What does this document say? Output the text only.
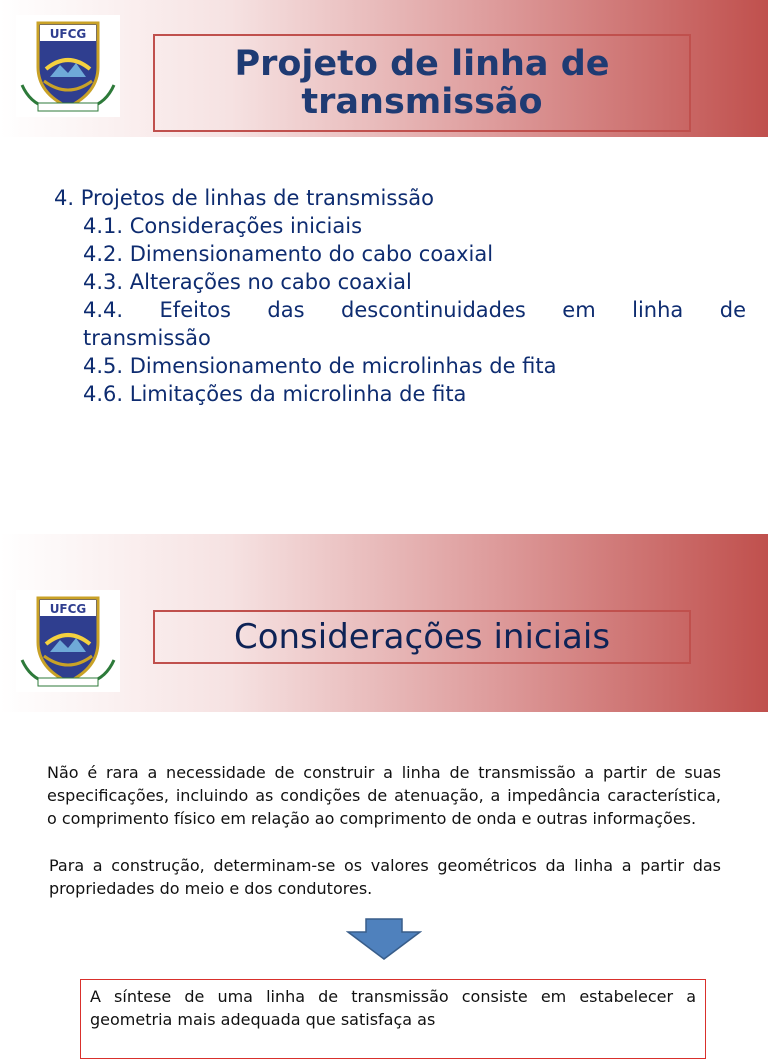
UFCG
Projeto de linha de transmissão
4. Projetos de linhas de transmissão
4.1. Considerações iniciais
4.2. Dimensionamento do cabo coaxial
4.3. Alterações no cabo coaxial
4.4. Efeitos das descontinuidades em linha de
transmissão
4.5. Dimensionamento de microlinhas de fita
4.6. Limitações da microlinha de fita
UFCG
Considerações iniciais

Não é rara a necessidade de construir a linha de transmissão a partir de suas especificações, incluindo as condições de atenuação, a impedância característica, o comprimento físico em relação ao comprimento de onda e outras informações.

Para a construção, determinam-se os valores geométricos da linha a partir das propriedades do meio e dos condutores.

A síntese de uma linha de transmissão consiste em estabelecer a geometria mais adequada que satisfaça as
